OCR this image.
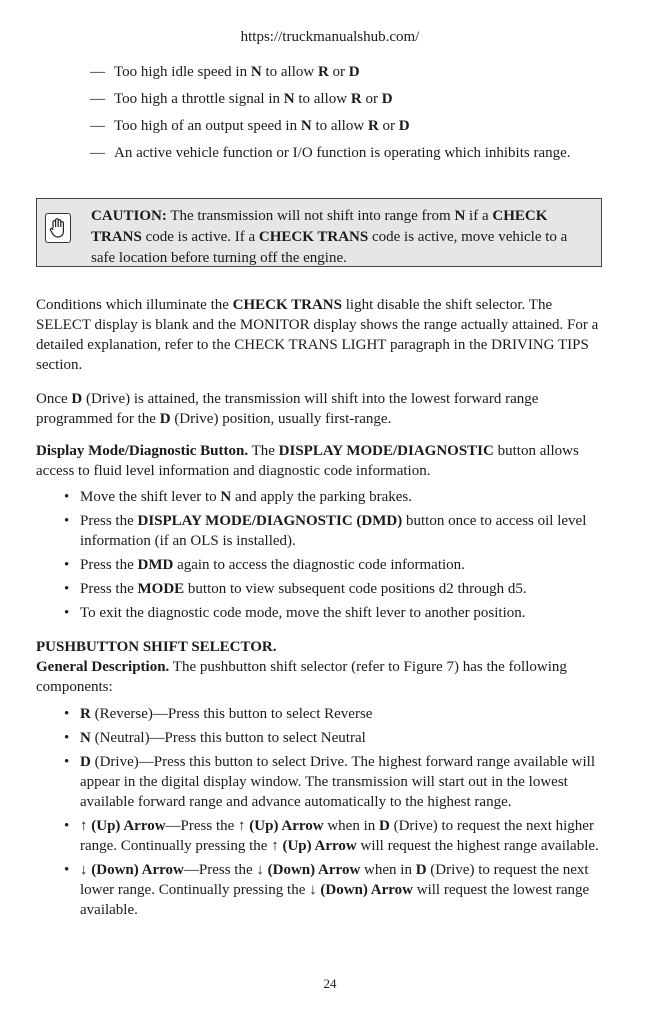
https://truckmanualshub.com/
— Too high idle speed in N to allow R or D
— Too high a throttle signal in N to allow R or D
— Too high of an output speed in N to allow R or D
— An active vehicle function or I/O function is operating which inhibits range.
CAUTION: The transmission will not shift into range from N if a CHECK TRANS code is active. If a CHECK TRANS code is active, move vehicle to a safe location before turning off the engine.
Conditions which illuminate the CHECK TRANS light disable the shift selector. The SELECT display is blank and the MONITOR display shows the range actually attained. For a detailed explanation, refer to the CHECK TRANS LIGHT paragraph in the DRIVING TIPS section.
Once D (Drive) is attained, the transmission will shift into the lowest forward range programmed for the D (Drive) position, usually first-range.
Display Mode/Diagnostic Button. The DISPLAY MODE/DIAGNOSTIC button allows access to fluid level information and diagnostic code information.
• Move the shift lever to N and apply the parking brakes.
• Press the DISPLAY MODE/DIAGNOSTIC (DMD) button once to access oil level information (if an OLS is installed).
• Press the DMD again to access the diagnostic code information.
• Press the MODE button to view subsequent code positions d2 through d5.
• To exit the diagnostic code mode, move the shift lever to another position.
PUSHBUTTON SHIFT SELECTOR.
General Description. The pushbutton shift selector (refer to Figure 7) has the following components:
• R (Reverse)—Press this button to select Reverse
• N (Neutral)—Press this button to select Neutral
• D (Drive)—Press this button to select Drive. The highest forward range available will appear in the digital display window. The transmission will start out in the lowest available forward range and advance automatically to the highest range.
• ↑ (Up) Arrow—Press the ↑ (Up) Arrow when in D (Drive) to request the next higher range. Continually pressing the ↑ (Up) Arrow will request the highest range available.
• ↓ (Down) Arrow—Press the ↓ (Down) Arrow when in D (Drive) to request the next lower range. Continually pressing the ↓ (Down) Arrow will request the lowest range available.
24
